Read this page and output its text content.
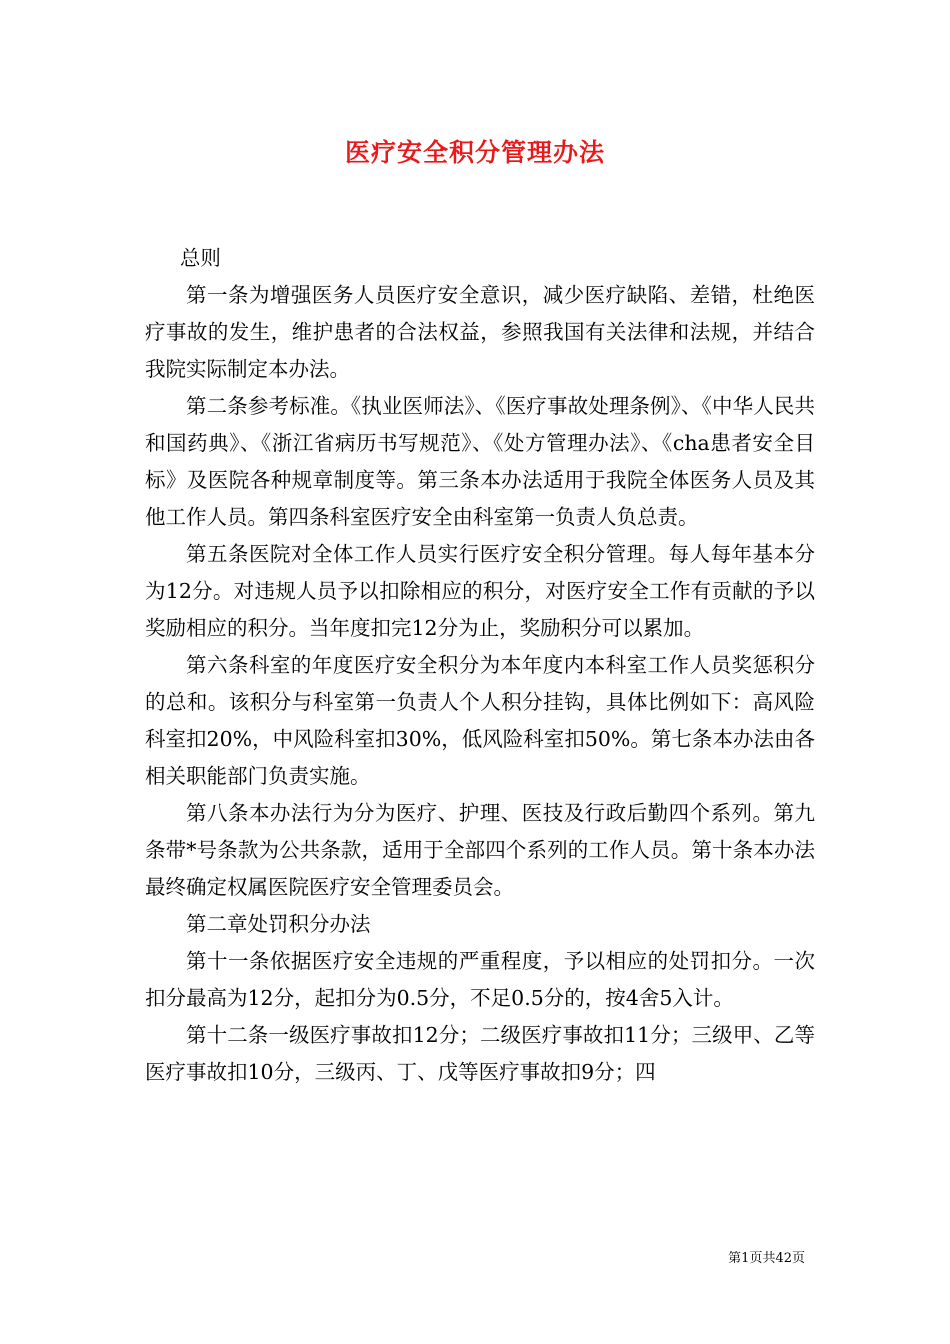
医疗安全积分管理办法

总则

第一条为增强医务人员医疗安全意识，减少医疗缺陷、差错，杜绝医疗事故的发生，维护患者的合法权益，参照我国有关法律和法规，并结合我院实际制定本办法。

第二条参考标准。《执业医师法》、《医疗事故处理条例》、《中华人民共和国药典》、《浙江省病历书写规范》、《处方管理办法》、《cha患者安全目标》及医院各种规章制度等。第三条本办法适用于我院全体医务人员及其他工作人员。第四条科室医疗安全由科室第一负责人负总责。

第五条医院对全体工作人员实行医疗安全积分管理。每人每年基本分为12分。对违规人员予以扣除相应的积分，对医疗安全工作有贡献的予以奖励相应的积分。当年度扣完12分为止，奖励积分可以累加。

第六条科室的年度医疗安全积分为本年度内本科室工作人员奖惩积分的总和。该积分与科室第一负责人个人积分挂钩，具体比例如下：高风险科室扣20%，中风险科室扣30%，低风险科室扣50%。第七条本办法由各相关职能部门负责实施。

第八条本办法行为分为医疗、护理、医技及行政后勤四个系列。第九条带*号条款为公共条款，适用于全部四个系列的工作人员。第十条本办法最终确定权属医院医疗安全管理委员会。

第二章处罚积分办法

第十一条依据医疗安全违规的严重程度，予以相应的处罚扣分。一次扣分最高为12分，起扣分为0.5分，不足0.5分的，按4舍5入计。

第十二条一级医疗事故扣12分；二级医疗事故扣11分；三级甲、乙等医疗事故扣10分，三级丙、丁、戊等医疗事故扣9分；四

第1页共42页
